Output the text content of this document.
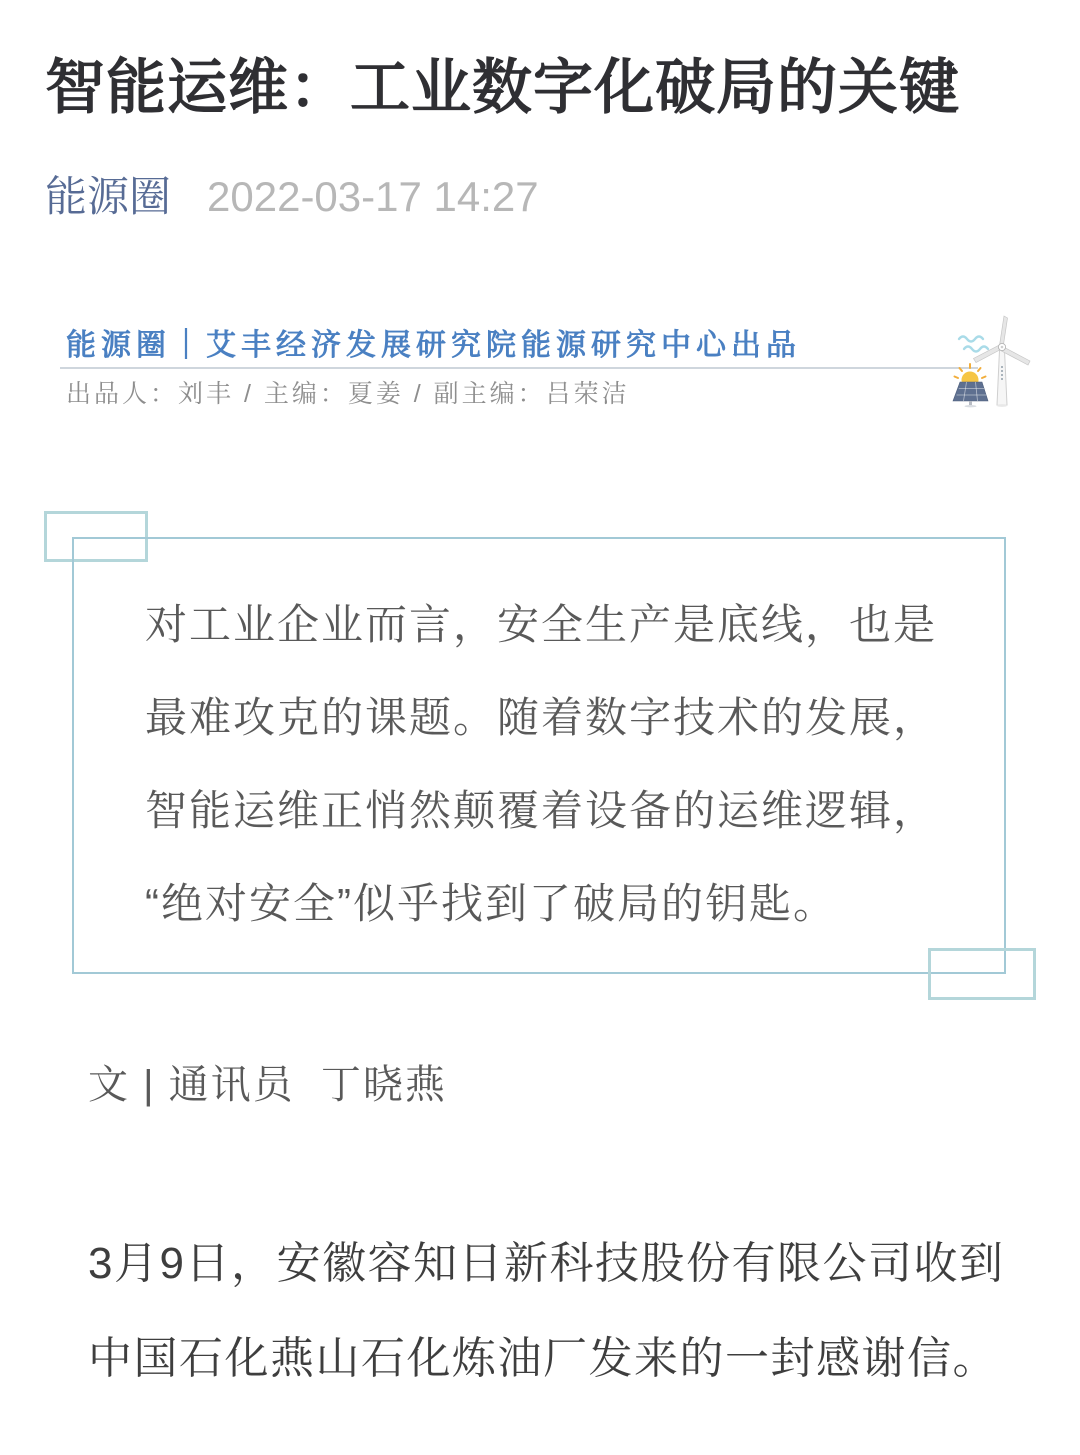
智能运维：工业数字化破局的关键
能源圈 2022-03-17 14:27
能源圈｜艾丰经济发展研究院能源研究中心出品
出品人：刘丰 / 主编：夏姜 / 副主编：吕荣洁
对工业企业而言，安全生产是底线，也是
最难攻克的课题。随着数字技术的发展，
智能运维正悄然颠覆着设备的运维逻辑，
“绝对安全”似乎找到了破局的钥匙。
文 | 通讯员  丁晓燕
3月9日，安徽容知日新科技股份有限公司收到
中国石化燕山石化炼油厂发来的一封感谢信。
